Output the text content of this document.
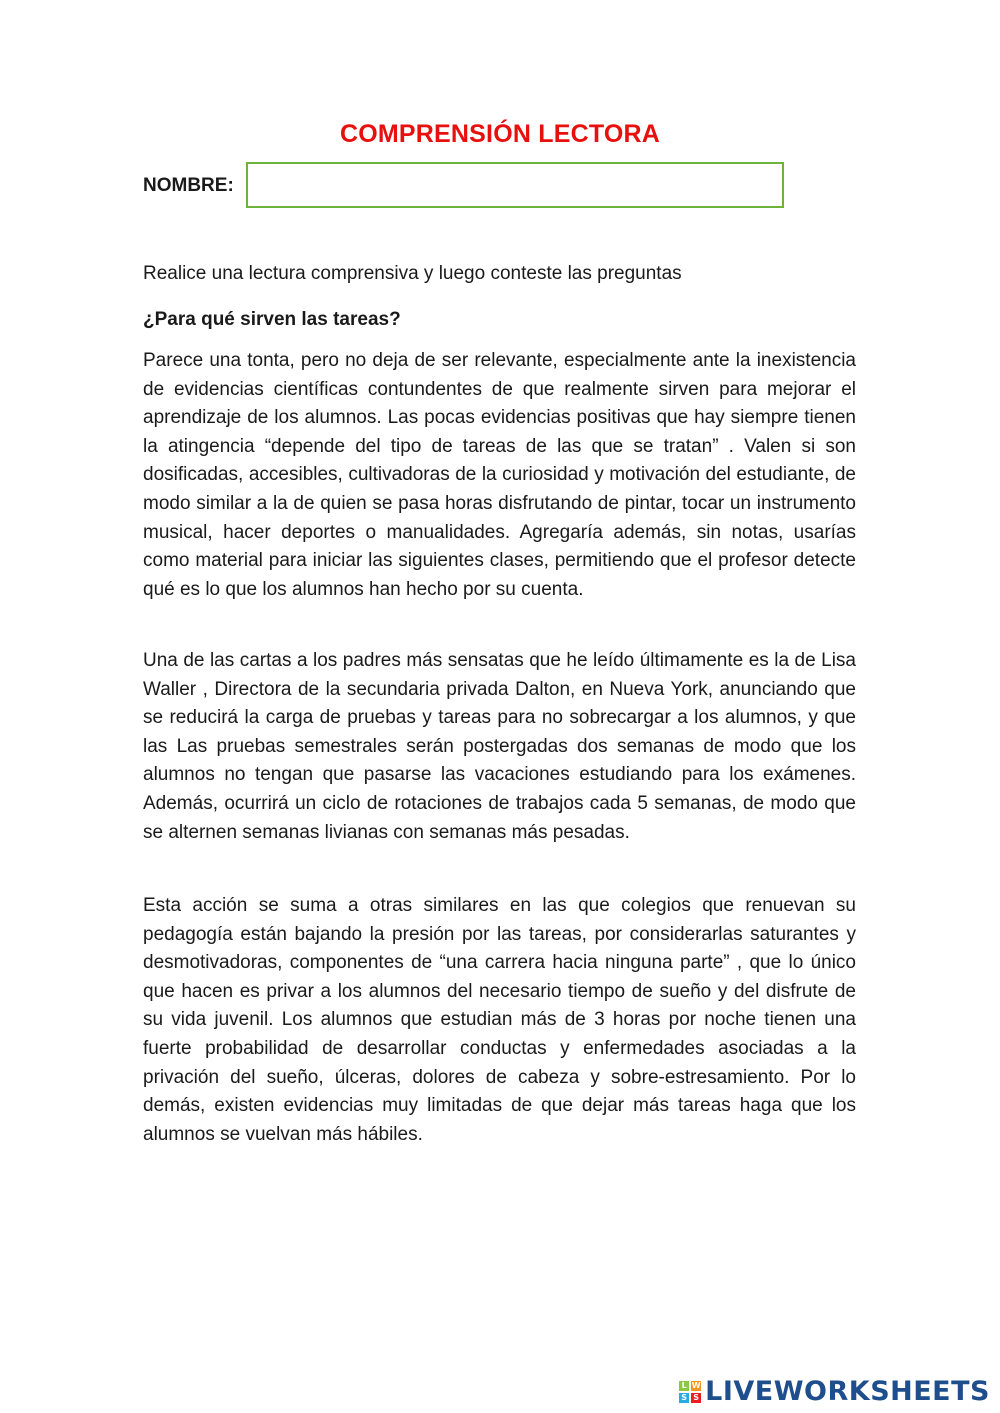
COMPRENSIÓN LECTORA
NOMBRE:
Realice una lectura comprensiva y luego conteste las preguntas
¿Para qué sirven las tareas?

Parece una tonta, pero no deja de ser relevante, especialmente ante la inexistencia de evidencias científicas contundentes de que realmente sirven para mejorar el aprendizaje de los alumnos. Las pocas evidencias positivas que hay siempre tienen la atingencia “depende del tipo de tareas de las que se tratan” . Valen si son dosificadas, accesibles, cultivadoras de la curiosidad y motivación del estudiante, de modo similar a la de quien se pasa horas disfrutando de pintar, tocar un instrumento musical, hacer deportes o manualidades. Agregaría además, sin notas, usarías como material para iniciar las siguientes clases, permitiendo que el profesor detecte qué es lo que los alumnos han hecho por su cuenta.

Una de las cartas a los padres más sensatas que he leído últimamente es la de Lisa Waller , Directora de la secundaria privada Dalton, en Nueva York, anunciando que se reducirá la carga de pruebas y tareas para no sobrecargar a los alumnos, y que las Las pruebas semestrales serán postergadas dos semanas de modo que los alumnos no tengan que pasarse las vacaciones estudiando para los exámenes. Además, ocurrirá un ciclo de rotaciones de trabajos cada 5 semanas, de modo que se alternen semanas livianas con semanas más pesadas.

Esta acción se suma a otras similares en las que colegios que renuevan su pedagogía están bajando la presión por las tareas, por considerarlas saturantes y desmotivadoras, componentes de “una carrera hacia ninguna parte” , que lo único que hacen es privar a los alumnos del necesario tiempo de sueño y del disfrute de su vida juvenil. Los alumnos que estudian más de 3 horas por noche tienen una fuerte probabilidad de desarrollar conductas y enfermedades asociadas a la privación del sueño, úlceras, dolores de cabeza y sobre-estresamiento. Por lo demás, existen evidencias muy limitadas de que dejar más tareas haga que los alumnos se vuelvan más hábiles.

L W
S S LIVEWORKSHEETS
